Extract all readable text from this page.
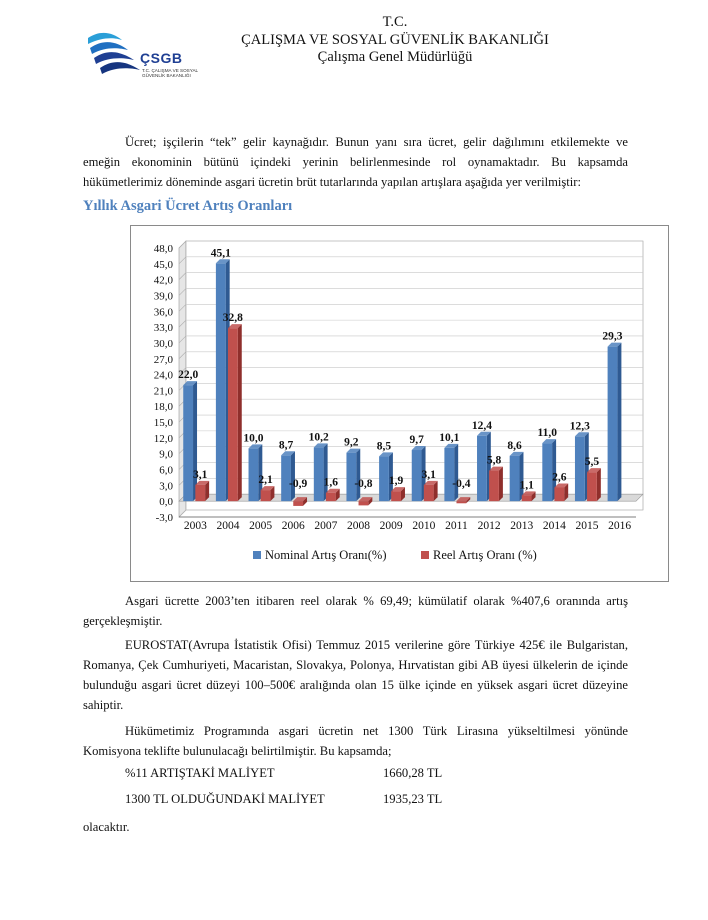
ÇSGB
T.C. ÇALIŞMA VE SOSYAL GÜVENLİK BAKANLIĞI
T.C.
ÇALIŞMA VE SOSYAL GÜVENLİK BAKANLIĞI
Çalışma Genel Müdürlüğü
Ücret; işçilerin “tek” gelir kaynağıdır. Bunun yanı sıra ücret, gelir dağılımını etkilemekte ve emeğin ekonominin bütünü içindeki yerinin belirlenmesinde rol oynamaktadır. Bu kapsamda hükümetlerimiz döneminde asgari ücretin brüt tutarlarında yapılan artışlara aşağıda yer verilmiştir:
Yıllık Asgari Ücret Artış Oranları
-3,0
0,0
3,0
6,0
9,0
12,0
15,0
18,0
21,0
24,0
27,0
30,0
33,0
36,0
39,0
42,0
45,0
48,0
22,0
3,1
2003
45,1
32,8
2004
10,0
2,1
2005
8,7
-0,9
2006
10,2
1,6
2007
9,2
-0,8
2008
8,5
1,9
2009
9,7
3,1
2010
10,1
-0,4
2011
12,4
5,8
2012
8,6
1,1
2013
11,0
2,6
2014
12,3
5,5
2015
29,3
2016
Nominal Artış Oranı(%)	Reel Artış Oranı (%)
Asgari ücrette 2003’ten itibaren reel olarak % 69,49; kümülatif olarak %407,6 oranında artış gerçekleşmiştir.
EUROSTAT(Avrupa İstatistik Ofisi) Temmuz 2015 verilerine göre Türkiye 425€ ile Bulgaristan, Romanya, Çek Cumhuriyeti, Macaristan, Slovakya, Polonya, Hırvatistan gibi AB üyesi ülkelerin de içinde bulunduğu asgari ücret düzeyi 100–500€ aralığında olan 15 ülke içinde en yüksek asgari ücret düzeyine sahiptir.
Hükümetimiz Programında asgari ücretin net 1300 Türk Lirasına yükseltilmesi yönünde Komisyona teklifte bulunulacağı belirtilmiştir. Bu kapsamda;
%11 ARTIŞTAKİ MALİYET	1660,28 TL
1300 TL OLDUĞUNDAKİ MALİYET	1935,23 TL
olacaktır.
